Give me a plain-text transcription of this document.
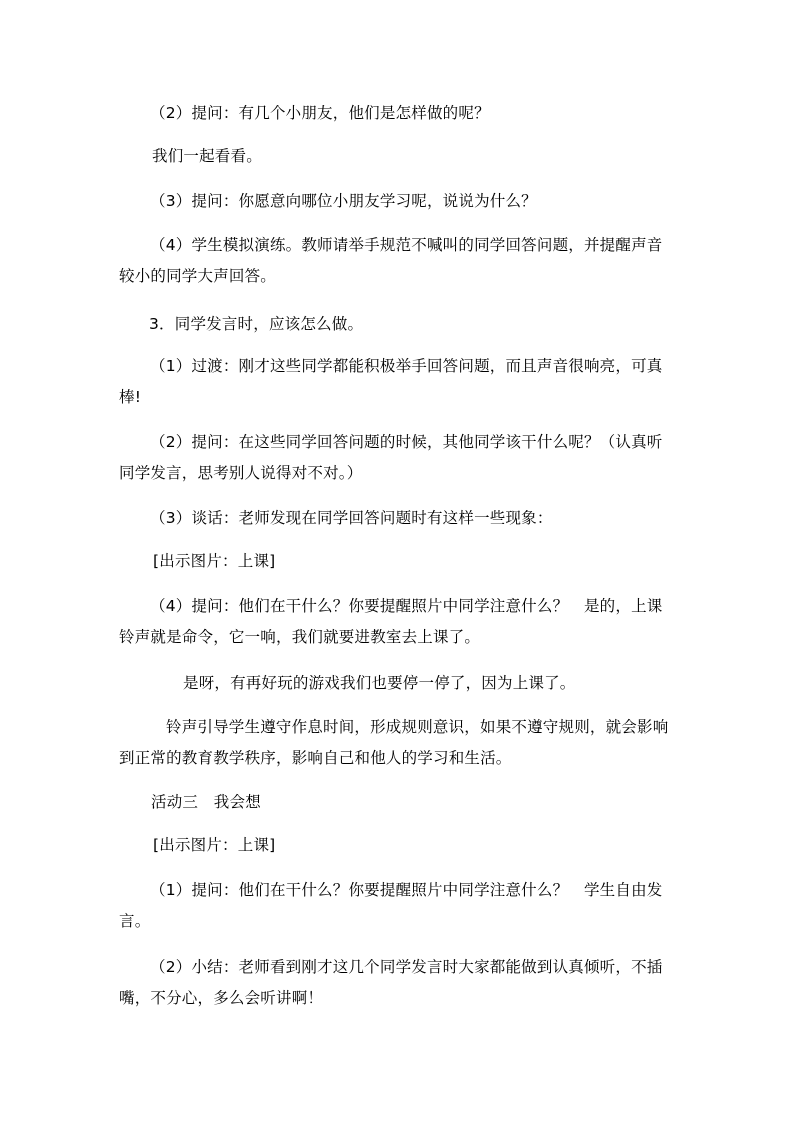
（2）提问：有几个小朋友，他们是怎样做的呢？
我们一起看看。
（3）提问：你愿意向哪位小朋友学习呢，说说为什么？
（4）学生模拟演练。教师请举手规范不喊叫的同学回答问题，并提醒声音
较小的同学大声回答。
3．同学发言时，应该怎么做。
（1）过渡：刚才这些同学都能积极举手回答问题，而且声音很响亮，可真
棒!
（2）提问：在这些同学回答问题的时候，其他同学该干什么呢？（认真听
同学发言，思考别人说得对不对。）
（3）谈话：老师发现在同学回答问题时有这样一些现象：
[出示图片：上课]
（4）提问：他们在干什么？你要提醒照片中同学注意什么？　是的，上课
铃声就是命令，它一响，我们就要进教室去上课了。
是呀，有再好玩的游戏我们也要停一停了，因为上课了。
铃声引导学生遵守作息时间，形成规则意识，如果不遵守规则，就会影响
到正常的教育教学秩序，影响自己和他人的学习和生活。
活动三　我会想
[出示图片：上课]
（1）提问：他们在干什么？你要提醒照片中同学注意什么？　学生自由发
言。
（2）小结：老师看到刚才这几个同学发言时大家都能做到认真倾听，不插
嘴，不分心，多么会听讲啊！
